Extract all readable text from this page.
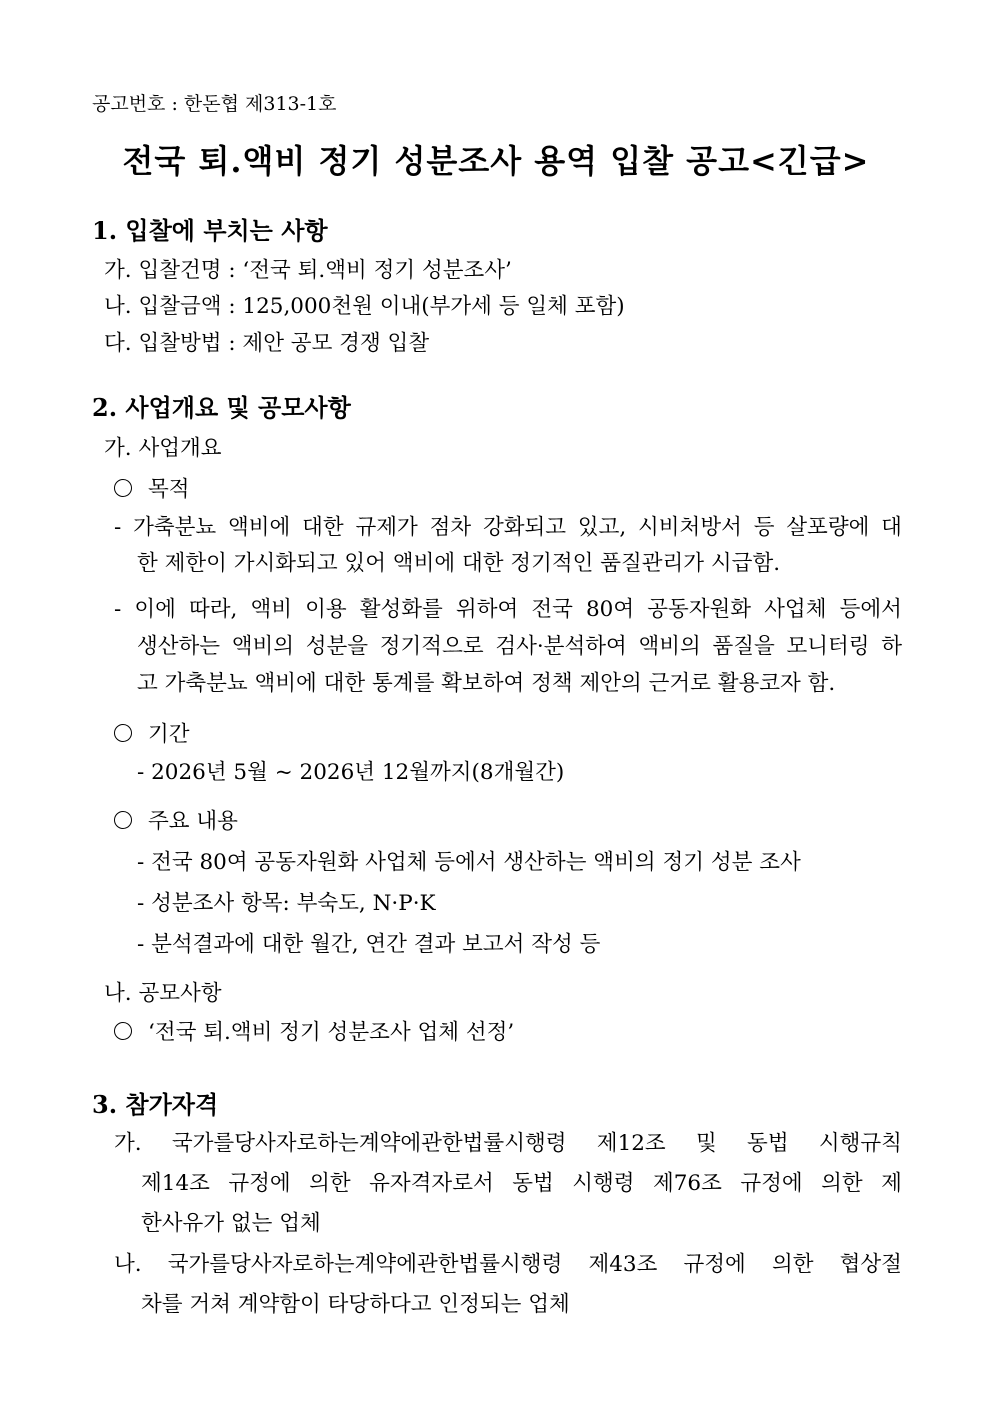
공고번호 : 한돈협 제313-1호
전국 퇴.액비 정기 성분조사 용역 입찰 공고<긴급>
1. 입찰에 부치는 사항
가. 입찰건명 : ‘전국 퇴.액비 정기 성분조사’
나. 입찰금액 : 125,000천원 이내(부가세 등 일체 포함)
다. 입찰방법 : 제안 공모 경쟁 입찰
2. 사업개요 및 공모사항
가. 사업개요
목적
- 가축분뇨 액비에 대한 규제가 점차 강화되고 있고, 시비처방서 등 살포량에 대
한 제한이 가시화되고 있어 액비에 대한 정기적인 품질관리가 시급함.
- 이에 따라, 액비 이용 활성화를 위하여 전국 80여 공동자원화 사업체 등에서
생산하는 액비의 성분을 정기적으로 검사·분석하여 액비의 품질을 모니터링 하
고 가축분뇨 액비에 대한 통계를 확보하여 정책 제안의 근거로 활용코자 함.
기간
- 2026년 5월 ~ 2026년 12월까지(8개월간)
주요 내용
- 전국 80여 공동자원화 사업체 등에서 생산하는 액비의 정기 성분 조사
- 성분조사 항목: 부숙도, N·P·K
- 분석결과에 대한 월간, 연간 결과 보고서 작성 등
나. 공모사항
‘전국 퇴.액비 정기 성분조사 업체 선정’
3. 참가자격
가. 국가를당사자로하는계약에관한법률시행령 제12조 및 동법 시행규칙
제14조 규정에 의한 유자격자로서 동법 시행령 제76조 규정에 의한 제
한사유가 없는 업체
나. 국가를당사자로하는계약에관한법률시행령 제43조 규정에 의한 협상절
차를 거쳐 계약함이 타당하다고 인정되는 업체
